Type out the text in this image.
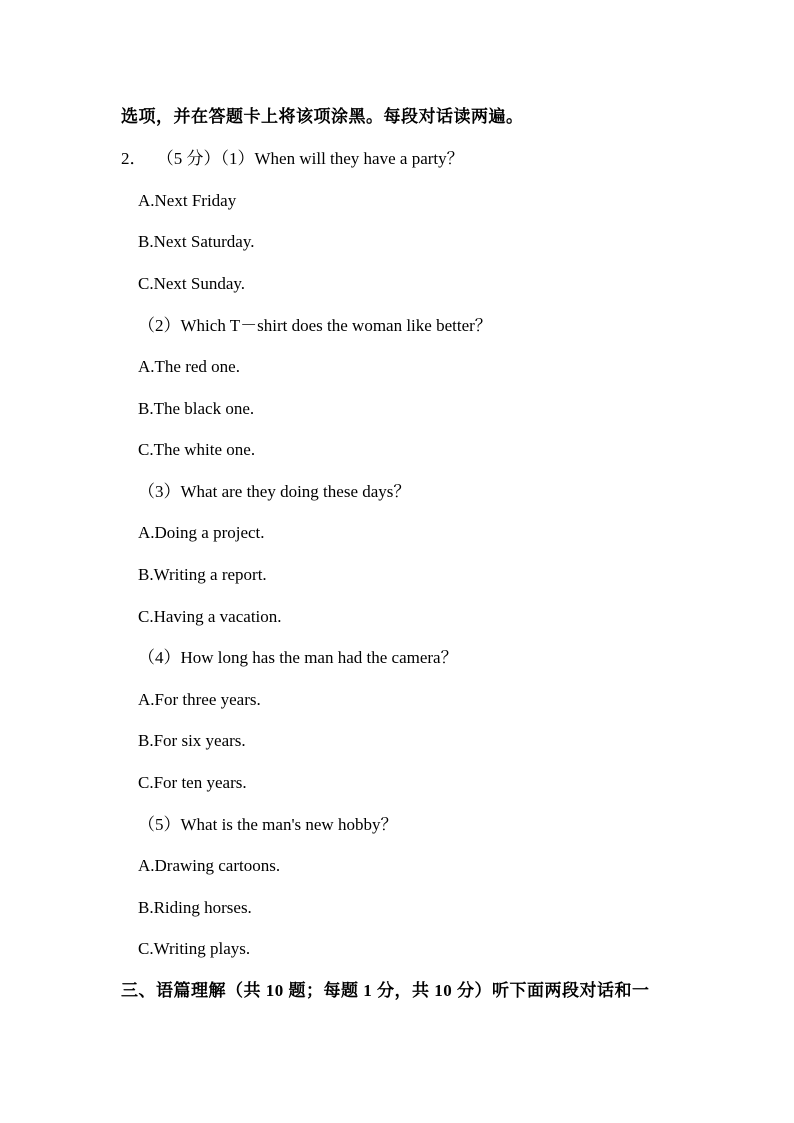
选项，并在答题卡上将该项涂黑。每段对话读两遍。
2． （5 分）（1）When will they have a party？
A.Next Friday
B.Next Saturday.
C.Next Sunday.
（2）Which T－shirt does the woman like better？
A.The red one.
B.The black one.
C.The white one.
（3）What are they doing these days？
A.Doing a project.
B.Writing a report.
C.Having a vacation.
（4）How long has the man had the camera？
A.For three years.
B.For six years.
C.For ten years.
（5）What is the man's new hobby？
A.Drawing cartoons.
B.Riding horses.
C.Writing plays.
三、语篇理解（共 10 题；每题 1 分，共 10 分）听下面两段对话和一
